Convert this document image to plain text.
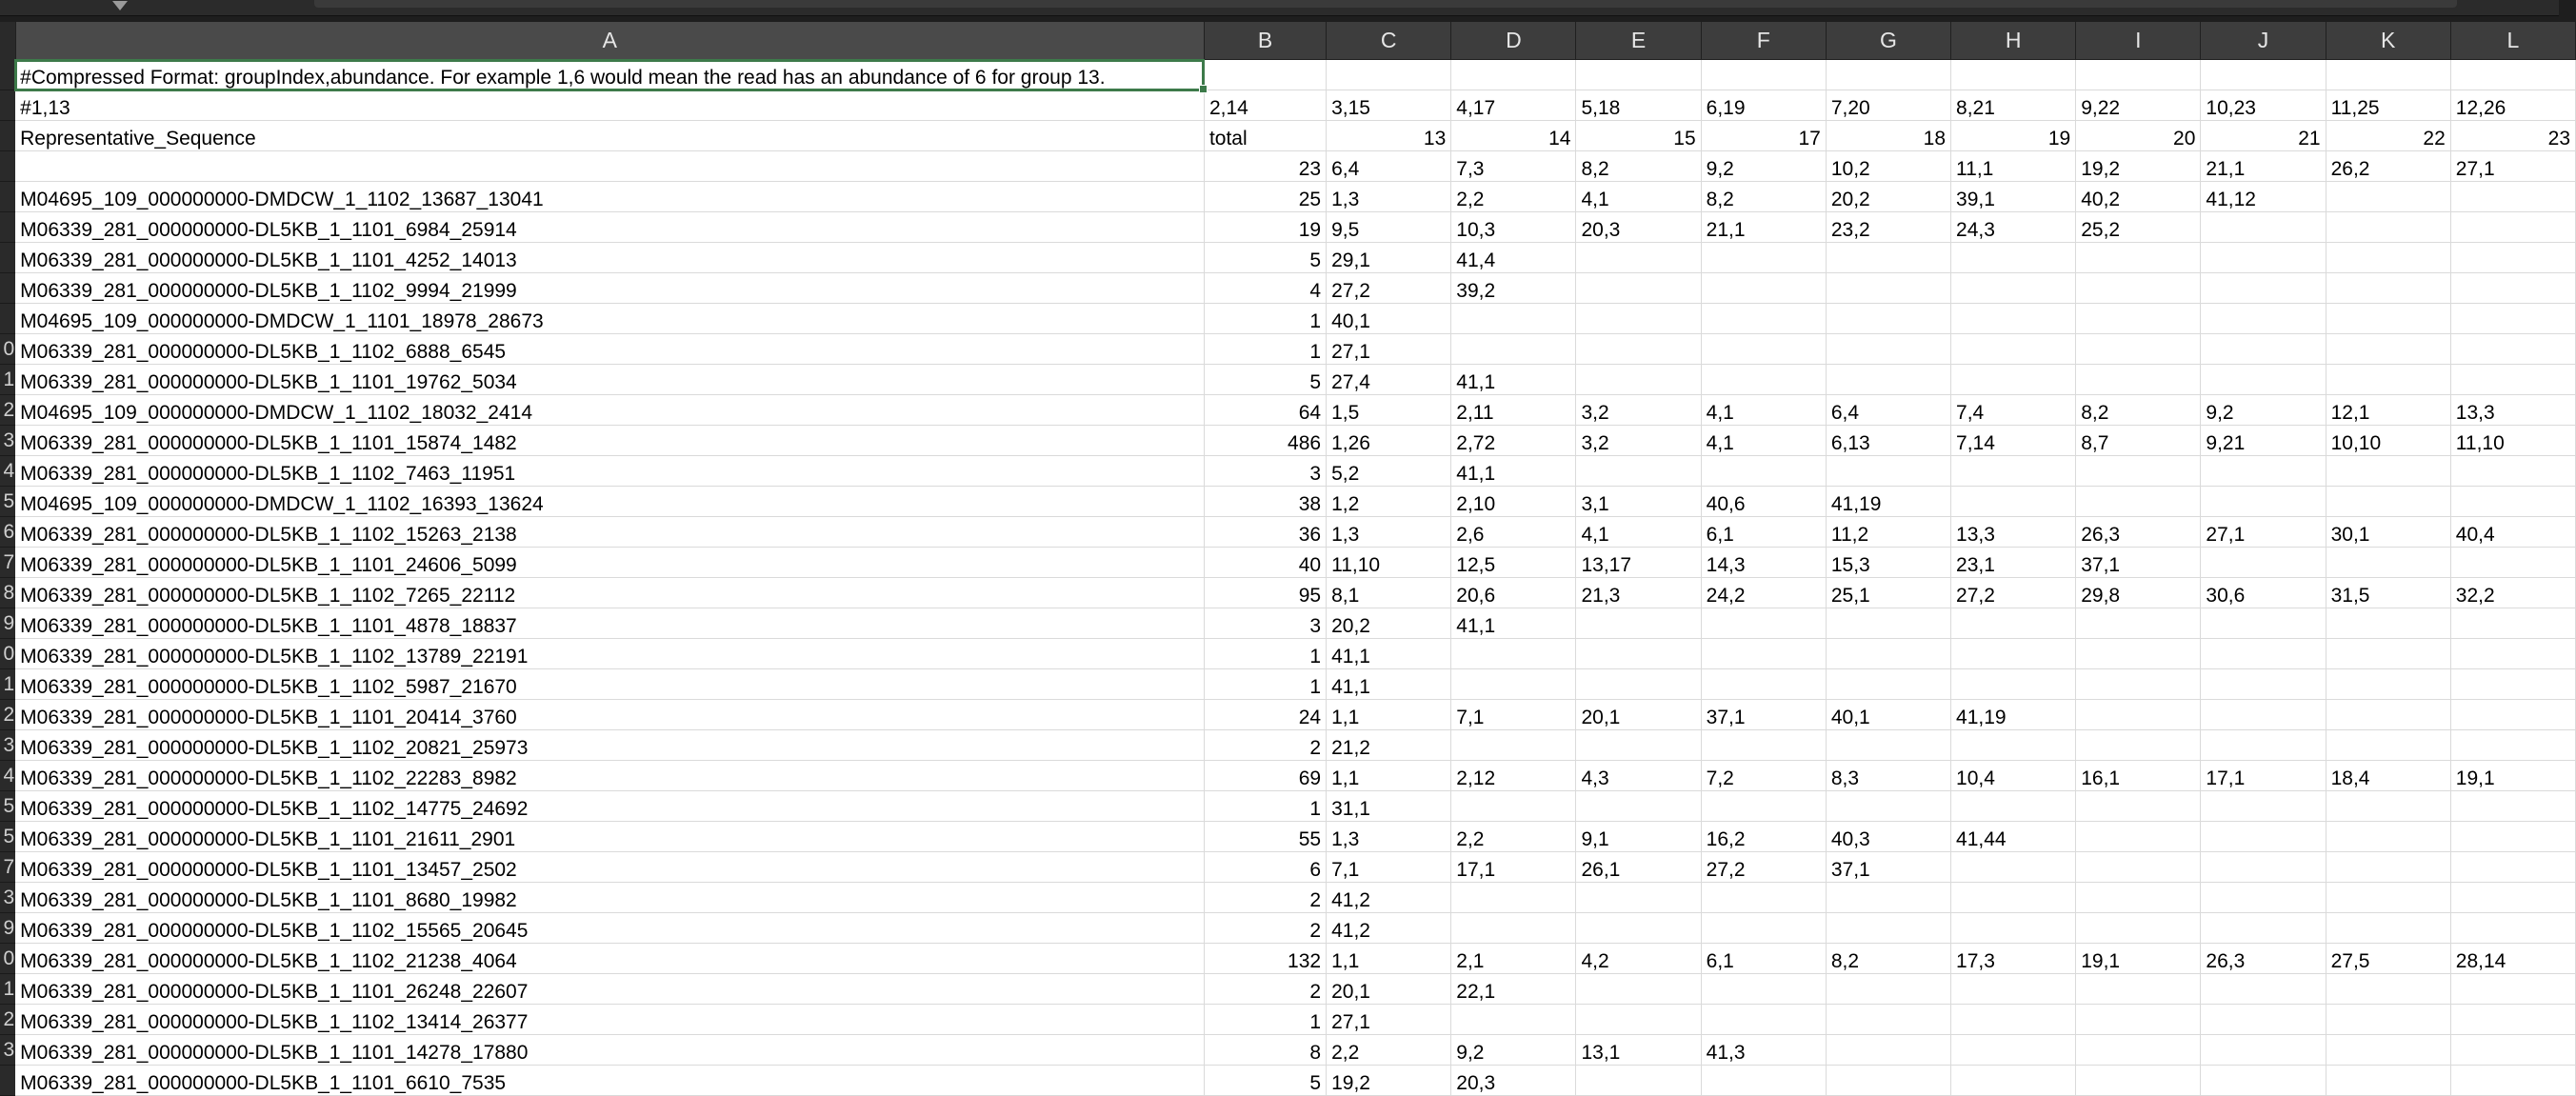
	A	B	C	D	E	F	G	H	I	J	K	L
	#Compressed Format: groupIndex,abundance. For example 1,6 would mean the read has an abundance of 6 for group 13.

	#1,13	2,14	3,15	4,17	5,18	6,19	7,20	8,21	9,22	10,23	11,25	12,26
	Representative_Sequence	total	13	14	15	17	18	19	20	21	22	23
		23	6,4	7,3	8,2	9,2	10,2	11,1	19,2	21,1	26,2	27,1
	M04695_109_000000000-DMDCW_1_1102_13687_13041	25	1,3	2,2	4,1	8,2	20,2	39,1	40,2	41,12		
	M06339_281_000000000-DL5KB_1_1101_6984_25914	19	9,5	10,3	20,3	21,1	23,2	24,3	25,2			
	M06339_281_000000000-DL5KB_1_1101_4252_14013	5	29,1	41,4								
	M06339_281_000000000-DL5KB_1_1102_9994_21999	4	27,2	39,2								
	M04695_109_000000000-DMDCW_1_1101_18978_28673	1	40,1									
0	M06339_281_000000000-DL5KB_1_1102_6888_6545	1	27,1									
1	M06339_281_000000000-DL5KB_1_1101_19762_5034	5	27,4	41,1								
2	M04695_109_000000000-DMDCW_1_1102_18032_2414	64	1,5	2,11	3,2	4,1	6,4	7,4	8,2	9,2	12,1	13,3
3	M06339_281_000000000-DL5KB_1_1101_15874_1482	486	1,26	2,72	3,2	4,1	6,13	7,14	8,7	9,21	10,10	11,10
4	M06339_281_000000000-DL5KB_1_1102_7463_11951	3	5,2	41,1								
5	M04695_109_000000000-DMDCW_1_1102_16393_13624	38	1,2	2,10	3,1	40,6	41,19					
6	M06339_281_000000000-DL5KB_1_1102_15263_2138	36	1,3	2,6	4,1	6,1	11,2	13,3	26,3	27,1	30,1	40,4
7	M06339_281_000000000-DL5KB_1_1101_24606_5099	40	11,10	12,5	13,17	14,3	15,3	23,1	37,1			
8	M06339_281_000000000-DL5KB_1_1102_7265_22112	95	8,1	20,6	21,3	24,2	25,1	27,2	29,8	30,6	31,5	32,2
9	M06339_281_000000000-DL5KB_1_1101_4878_18837	3	20,2	41,1								
0	M06339_281_000000000-DL5KB_1_1102_13789_22191	1	41,1									
1	M06339_281_000000000-DL5KB_1_1102_5987_21670	1	41,1									
2	M06339_281_000000000-DL5KB_1_1101_20414_3760	24	1,1	7,1	20,1	37,1	40,1	41,19				
3	M06339_281_000000000-DL5KB_1_1102_20821_25973	2	21,2									
4	M06339_281_000000000-DL5KB_1_1102_22283_8982	69	1,1	2,12	4,3	7,2	8,3	10,4	16,1	17,1	18,4	19,1
5	M06339_281_000000000-DL5KB_1_1102_14775_24692	1	31,1									
5	M06339_281_000000000-DL5KB_1_1101_21611_2901	55	1,3	2,2	9,1	16,2	40,3	41,44				
7	M06339_281_000000000-DL5KB_1_1101_13457_2502	6	7,1	17,1	26,1	27,2	37,1					
3	M06339_281_000000000-DL5KB_1_1101_8680_19982	2	41,2									
9	M06339_281_000000000-DL5KB_1_1102_15565_20645	2	41,2									
0	M06339_281_000000000-DL5KB_1_1102_21238_4064	132	1,1	2,1	4,2	6,1	8,2	17,3	19,1	26,3	27,5	28,14
1	M06339_281_000000000-DL5KB_1_1101_26248_22607	2	20,1	22,1								
2	M06339_281_000000000-DL5KB_1_1102_13414_26377	1	27,1									
3	M06339_281_000000000-DL5KB_1_1101_14278_17880	8	2,2	9,2	13,1	41,3						
	M06339_281_000000000-DL5KB_1_1101_6610_7535	5	19,2	20,3								
